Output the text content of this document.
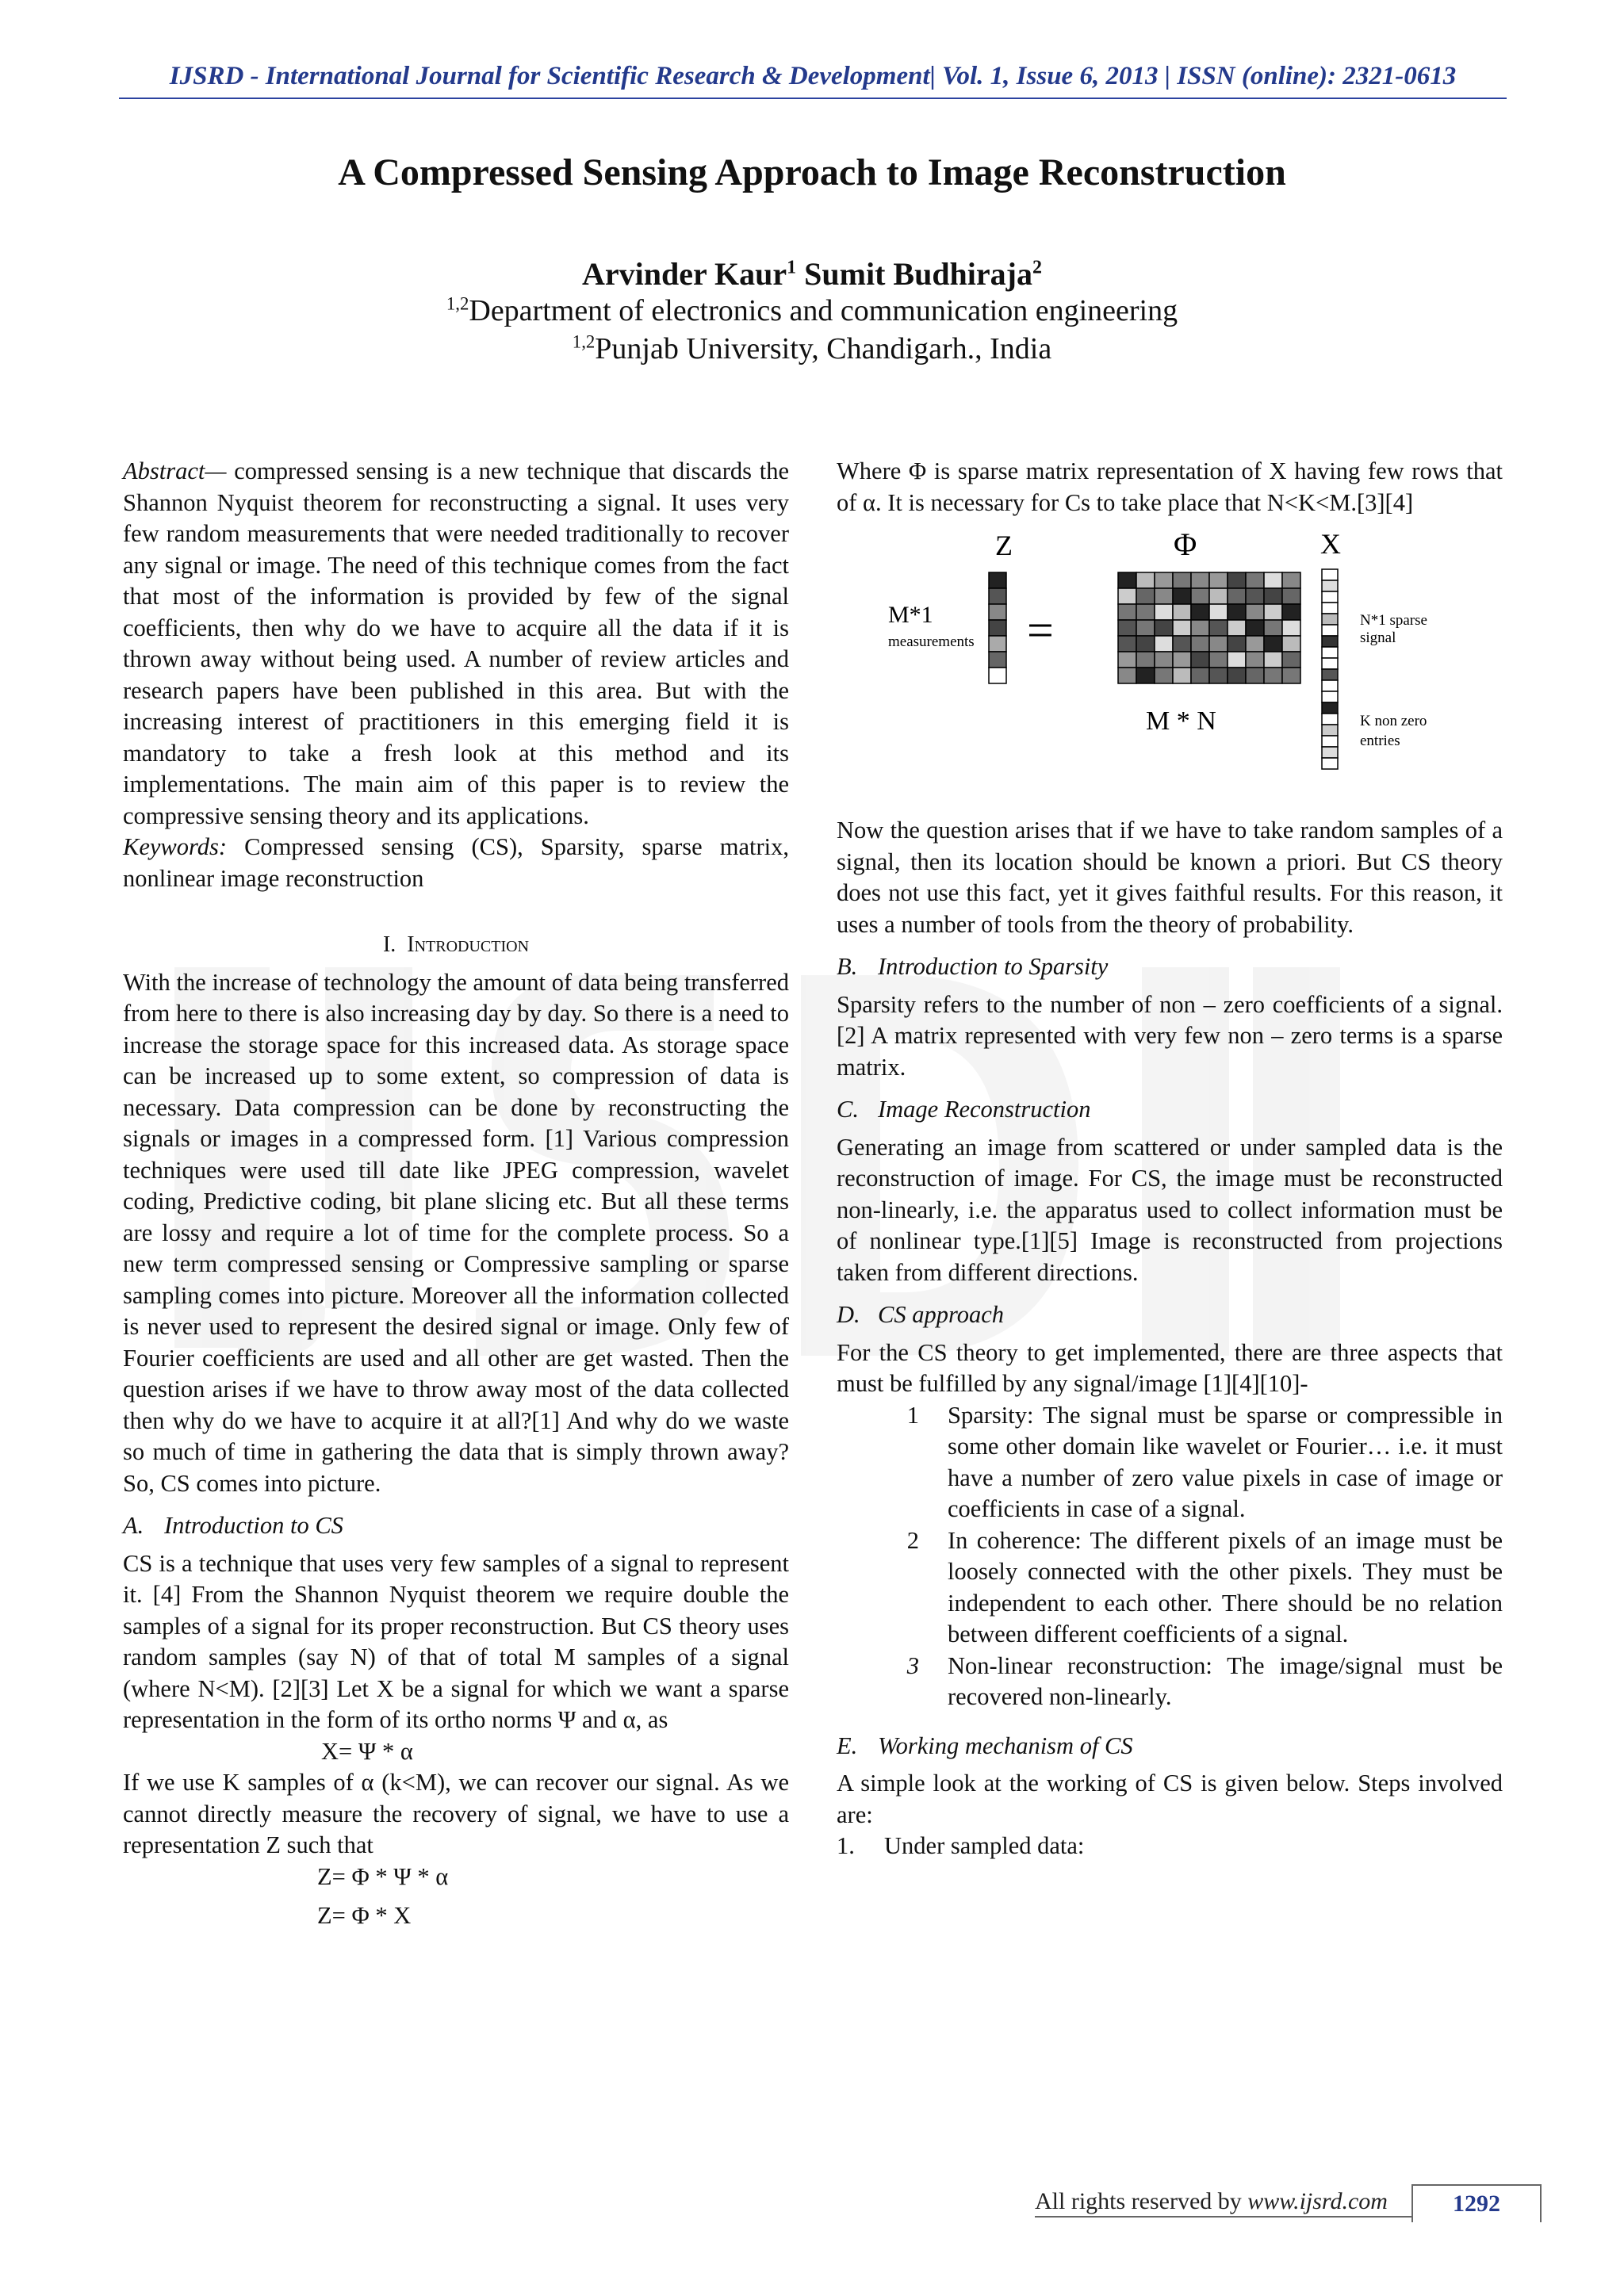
IJSRD - International Journal for Scientific Research & Development| Vol. 1, Issue 6, 2013 | ISSN (online): 2321-0613
A Compressed Sensing Approach to Image Reconstruction
Arvinder Kaur$^1$ Sumit Budhiraja$^2$
$^{1,2}$Department of electronics and communication engineering
$^{1,2}$Punjab University, Chandigarh., India

Abstract— compressed sensing is a new technique that discards the Shannon Nyquist theorem for reconstructing a signal. It uses very few random measurements that were needed traditionally to recover any signal or image. The need of this technique comes from the fact that most of the information is provided by few of the signal coefficients, then why do we have to acquire all the data if it is thrown away without being used. A number of review articles and research papers have been published in this area. But with the increasing interest of practitioners in this emerging field it is mandatory to take a fresh look at this method and its implementations. The main aim of this paper is to review the compressive sensing theory and its applications.

Keywords: Compressed sensing (CS), Sparsity, sparse matrix, nonlinear image reconstruction

I. Introduction

With the increase of technology the amount of data being transferred from here to there is also increasing day by day. So there is a need to increase the storage space for this increased data. As storage space can be increased up to some extent, so compression of data is necessary. Data compression can be done by reconstructing the signals or images in a compressed form. [1] Various compression techniques were used till date like JPEG compression, wavelet coding, Predictive coding, bit plane slicing etc. But all these terms are lossy and require a lot of time for the complete process. So a new term compressed sensing or Compressive sampling or sparse sampling comes into picture. Moreover all the information collected is never used to represent the desired signal or image. Only few of Fourier coefficients are used and all other are get wasted. Then the question arises if we have to throw away most of the data collected then why do we have to acquire it at all?[1] And why do we waste so much of time in gathering the data that is simply thrown away? So, CS comes into picture.

A. Introduction to CS

CS is a technique that uses very few samples of a signal to represent it. [4] From the Shannon Nyquist theorem we require double the samples of a signal for its proper reconstruction. But CS theory uses random samples (say N) of that of total M samples of a signal (where N<M). [2][3] Let X be a signal for which we want a sparse representation in the form of its ortho norms Ψ and α, as

X= Ψ * α

If we use K samples of α (k<M), we can recover our signal. As we cannot directly measure the recovery of signal, we have to use a representation Z such that

Z= Φ * Ψ * α
Z= Φ * X

Where Φ is sparse matrix representation of X having few rows that of α. It is necessary for Cs to take place that N<K<M.[3][4]

Z	Φ	X
M*1
measurements =
M * N
N*1 sparse
signal
K non zero
entries

Now the question arises that if we have to take random samples of a signal, then its location should be known a priori. But CS theory does not use this fact, yet it gives faithful results. For this reason, it uses a number of tools from the theory of probability.

B. Introduction to Sparsity

Sparsity refers to the number of non – zero coefficients of a signal.[2] A matrix represented with very few non – zero terms is a sparse matrix.

C. Image Reconstruction

Generating an image from scattered or under sampled data is the reconstruction of image. For CS, the image must be reconstructed non-linearly, i.e. the apparatus used to collect information must be of nonlinear type.[1][5] Image is reconstructed from projections taken from different directions.

D. CS approach

For the CS theory to get implemented, there are three aspects that must be fulfilled by any signal/image [1][4][10]-

1	Sparsity: The signal must be sparse or compressible in some other domain like wavelet or Fourier… i.e. it must have a number of zero value pixels in case of image or coefficients in case of a signal.
2	In coherence: The different pixels of an image must be loosely connected with the other pixels. They must be independent to each other. There should be no relation between different coefficients of a signal.
3	Non-linear reconstruction: The image/signal must be recovered non-linearly.
E. Working mechanism of CS

A simple look at the working of CS is given below. Steps involved are:

1.	Under sampled data:
All rights reserved by www.ijsrd.com	1292
